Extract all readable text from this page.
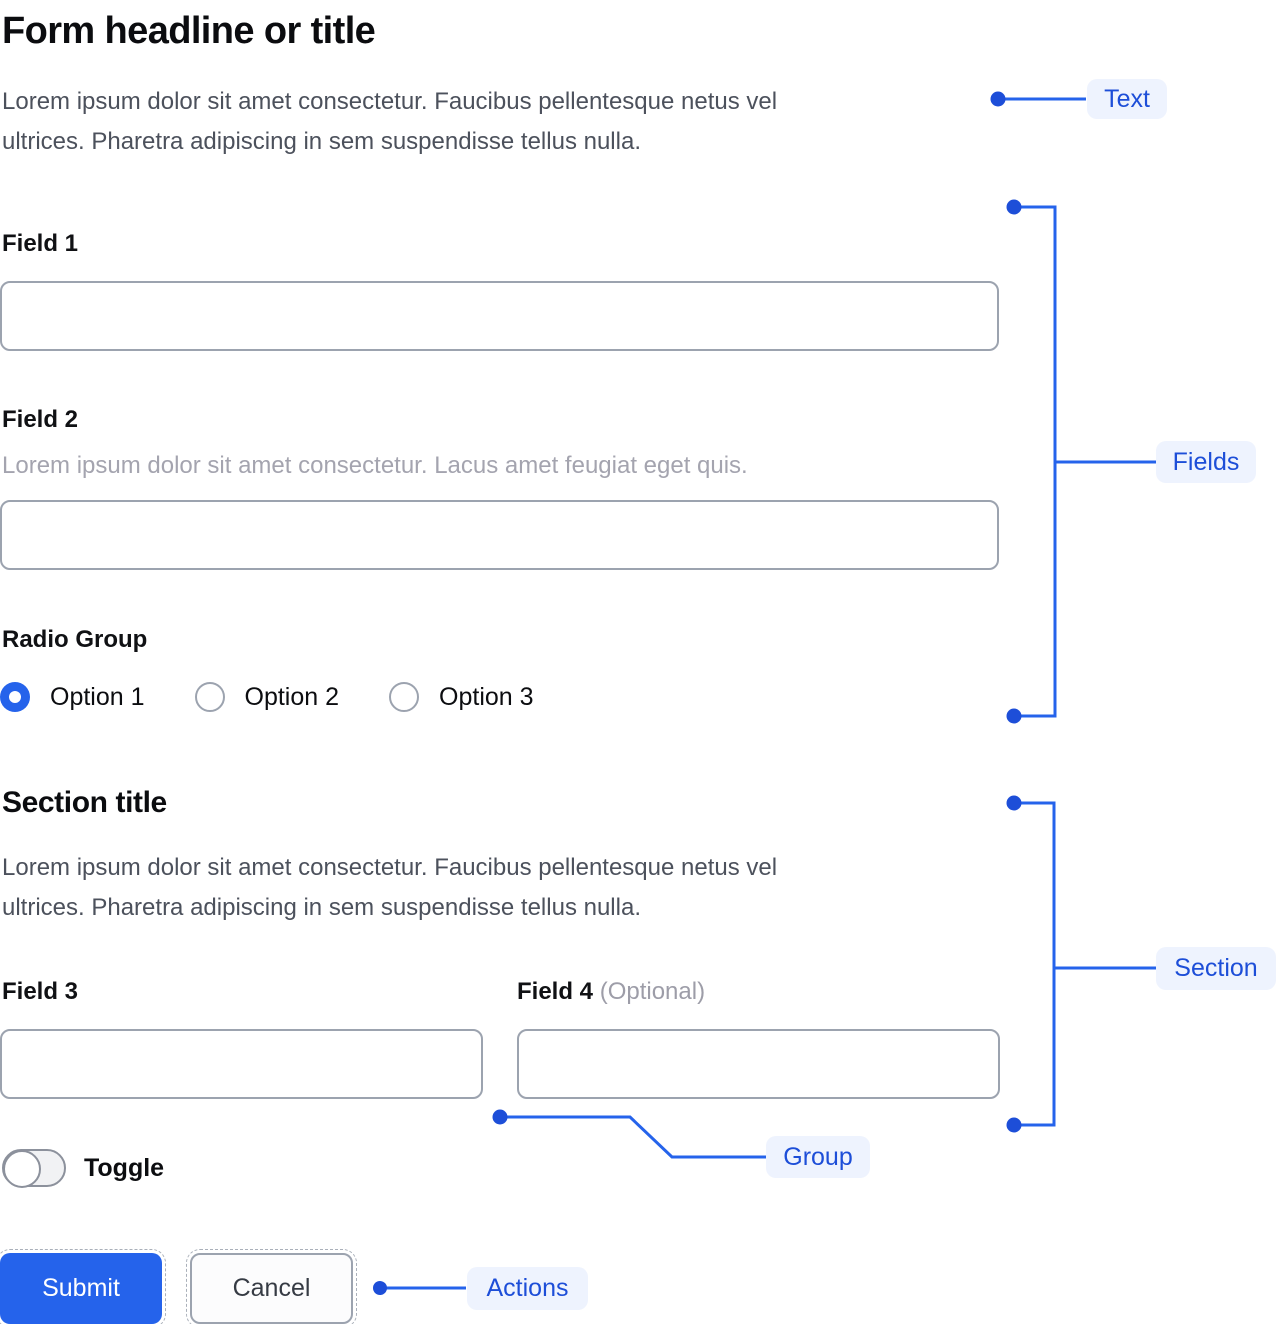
Form headline or title

Lorem ipsum dolor sit amet consectetur. Faucibus pellentesque netus vel
ultrices. Pharetra adipiscing in sem suspendisse tellus nulla.

Field 1
Field 2
Lorem ipsum dolor sit amet consectetur. Lacus amet feugiat eget quis.
Radio Group
Option 1	Option 2	Option 3
Section title

Lorem ipsum dolor sit amet consectetur. Faucibus pellentesque netus vel
ultrices. Pharetra adipiscing in sem suspendisse tellus nulla.

Field 3	Field 4 (Optional)
Toggle
Submit	Cancel
Text
Fields
Section
Group
Actions
